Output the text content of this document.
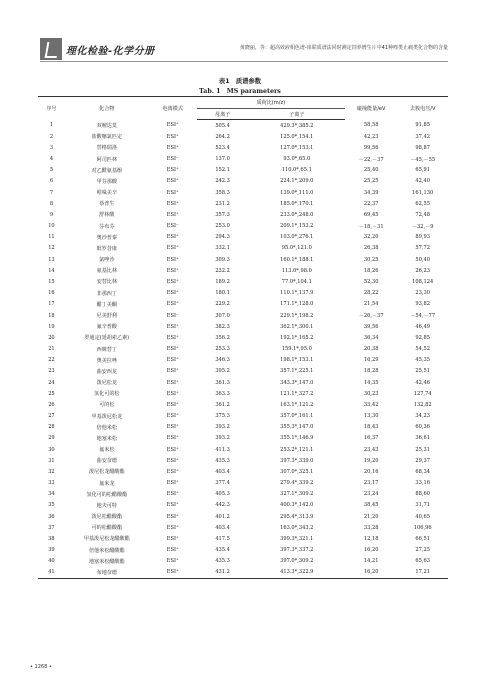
理化检验-化学分册	黄晓丽，等：超高效液相色谱-串联质谱法同时测定饲养增生片中41种喹类止痛类化合物的含量
表1　质谱参数
Tab. 1　MS parameters
序号	化合物	电离模式	质荷比(m/z)		碰撞能量/eV	去簇电压/V
			母离子	子离子		
1	双嘧达莫	ESI⁺	505.4	429.3*,385.2	58,58	91,85
2	盐酸噻氯匹定	ESI⁺	264.2	125.0*,154.1	42,23	37,42
3	替格瑞洛	ESI⁺	523.4	127.0*,153.1	99,56	98,87
4	阿司匹林	ESI⁻	137.0	93.0*,65.0	－22,－37	－45,－55
5	对乙酰氨基酚	ESI⁺	152.1	110.0*,65.1	25,40	65,91
6	甲芬那酸	ESI⁺	242.3	224.1*,209.0	25,25	42,40
7	吲哚美辛	ESI⁺	358.3	139.0*,111.0	34,39	161,130
8	萘普生	ESI⁺	231.2	185.0*,170.1	22,37	62,55
9	舒林酸	ESI⁺	357.3	233.0*,248.0	69,45	72,48
10	芬布芬	ESI⁻	253.0	209.1*,153.2	－18,－31	－32,－9
11	奥沙普秦	ESI⁺	294.3	103.0*,276.1	32,20	89,93
12	吡罗昔康	ESI⁺	332.1	95.0*,121.0	26,38	57,72
13	氯唑沙	ESI⁺	309.3	160.1*,188.1	30,25	50,40
14	氨基比林	ESI⁺	232.2	113.0*,98.0	18,26	26,23
15	安替比林	ESI⁺	189.2	77.0*,104.1	52,30	108,124
16	非那西丁	ESI⁺	180.1	110.1*,137.9	28,22	23,30
17	醋丁美酮	ESI⁺	229.2	171.1*,128.0	21,54	93,82
18	尼美舒利	ESI⁻	307.0	229.1*,198.2	－26,－37	－54,－77
19	氟辛普酸	ESI⁺	382.3	362.1*,300.1	39,56	46,49
20	罗通定(延胡索乙素)	ESI⁺	356.2	192.1*,165.2	36,34	92,85
21	西咪替丁	ESI⁺	253.3	159.1*,95.0	20,38	54,52
22	奥美拉唑	ESI⁺	346.3	198.1*,153.1	16,29	45,35
23	曲安西龙	ESI⁺	395.2	357.1*,225.1	18,28	25,51
24	泼尼松龙	ESI⁺	361.3	343.3*,147.0	14,35	42,46
25	氢化可的松	ESI⁺	363.3	121.1*,327.2	30,23	127,74
26	可的松	ESI⁺	361.2	163.1*,121.2	33,42	132,82
27	甲基泼尼松龙	ESI⁺	375.3	357.0*,161.1	13,30	34,23
28	倍他米松	ESI⁺	393.2	355.3*,147.0	18,43	60,36
29	地塞米松	ESI⁺	393.2	355.1*,146.9	16,37	36,61
30	氟米松	ESI⁺	411.3	253.2*,121.1	23,43	25,31
31	曲安奈德	ESI⁺	435.3	397.3*,339.0	19,20	29,37
32	泼尼松龙醋酸酯	ESI⁺	403.4	307.0*,325.1	20,16	68,34
33	氟米龙	ESI⁺	377.4	279.4*,339.2	23,17	33,16
34	氢化可的松醋酸酯	ESI⁺	405.3	327.1*,309.2	23,24	88,60
35	地夫可特	ESI⁺	442.3	400.3*,142.0	38,45	31,71
36	泼尼松醋酸酯	ESI⁺	401.2	295.4*,313.9	21,20	40,65
37	可的松醋酸酯	ESI⁺	403.4	163.0*,343.2	33,28	106,96
38	甲基泼尼松龙醋酸酯	ESI⁺	417.5	399.3*,321.1	12,18	66,51
39	倍他米松醋酸酯	ESI⁺	435.4	397.3*,337.2	16,20	27,25
40	地塞米松醋酸酯	ESI⁺	435.3	397.0*,309.2	14,21	65,63
41	布地奈德	ESI⁺	431.2	413.3*,322.9	16,20	17,21
• 1268 •
